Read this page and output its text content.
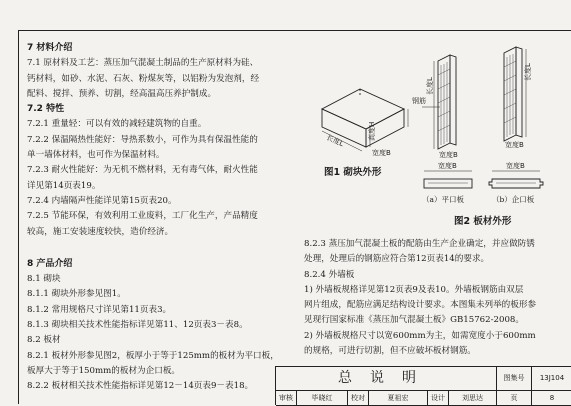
7 材料介绍

7.1 原材料及工艺：蒸压加气混凝土制品的生产原材料为硅、

钙材料，如砂、水泥、石灰、粉煤灰等，以铝粉为发泡剂，经

配料、搅拌、预养、切割，经高温高压养护制成。

7.2 特性

7.2.1 重量轻：可以有效的减轻建筑物的自重。

7.2.2 保温隔热性能好：导热系数小，可作为具有保温性能的

单一墙体材料，也可作为保温材料。

7.2.3 耐火性能好：为无机不燃材料，无有毒气体，耐火性能

详见第14页表19。

7.2.4 内墙隔声性能详见第15页表20。

7.2.5 节能环保，有效利用工业废料，工厂化生产，产品精度

较高，施工安装速度较快，造价经济。

8 产品介绍

8.1 砌块

8.1.1 砌块外形参见图1。

8.1.2 常用规格尺寸详见第11页表3。

8.1.3 砌块相关技术性能指标详见第11、12页表3－表8。

8.2 板材

8.2.1 板材外形参见图2，板厚小于等于125mm的板材为平口板，

板厚大于等于150mm的板材为企口板。

8.2.2 板材相关技术性能指标详见第12－14页表9－表18。

高度H
长度L
宽度B
钢筋
长度L
长度L
宽度B
宽度B
宽度B	宽度B
图1 砌块外形
（a）平口板	（b）企口板
图2 板材外形

8.2.3 蒸压加气混凝土板的配筋由生产企业确定，并应做防锈

处理，处理后的钢筋应符合第12页表14的要求。

8.2.4 外墙板

1) 外墙板规格详见第12页表9及表10。外墙板钢筋由双层

网片组成，配筋应满足结构设计要求。本图集未列举的板形参

见现行国家标准《蒸压加气混凝土板》GB15762-2008。

2) 外墙板规格尺寸以宽600mm为主，如需宽度小于600mm

的规格，可进行切割，但不应破坏板材钢筋。

总说明	图集号	13J104
审核	毕晓红	校对	夏祖宏	设计	刘思达	页	8
